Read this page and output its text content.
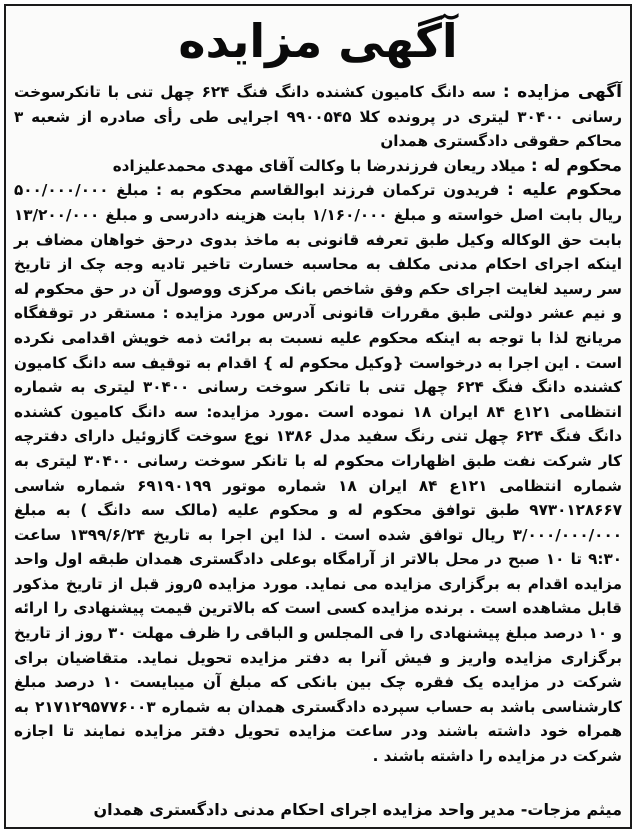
آگهی مزایده

آگهی مزایده : سه دانگ کامیون کشنده دانگ فنگ ۶۲۴ چهل تنی با تانکرسوخت رسانی ۳۰۴۰۰ لیتری در پرونده کلا ۹۹۰۰۵۴۵ اجرایی طی رأی صادره از شعبه ۳ محاکم حقوقی دادگستری همدان

محکوم له : میلاد ریعان فرزندرضا با وکالت آقای مهدی محمدعلیزاده

محکوم علیه : فریدون ترکمان فرزند ابوالقاسم محکوم به : مبلغ ۵۰۰/۰۰۰/۰۰۰ ریال بابت اصل خواسته و مبلغ ۱/۱۶۰/۰۰۰ بابت هزینه دادرسی و مبلغ ۱۳/۲۰۰/۰۰۰ بابت حق الوکاله وکیل طبق تعرفه قانونی به ماخذ بدوی درحق خواهان مضاف بر اینکه اجرای احکام مدنی مکلف به محاسبه خسارت تاخیر تادیه وجه چک از تاریخ سر رسید لغایت اجرای حکم وفق شاخص بانک مرکزی ووصول آن در حق محکوم له و نیم عشر دولتی طبق مقررات قانونی آدرس مورد مزایده : مستقر در توقفگاه مریانج لذا با توجه به اینکه محکوم علیه نسبت به برائت ذمه خویش اقدامی نکرده است . این اجرا به درخواست {وکیل محکوم له } اقدام به توقیف سه دانگ کامیون کشنده دانگ فنگ ۶۲۴ چهل تنی با تانکر سوخت رسانی ۳۰۴۰۰ لیتری به شماره انتظامی ۱۲۱ع ۸۴ ایران ۱۸ نموده است .مورد مزایده: سه دانگ کامیون کشنده دانگ فنگ ۶۲۴ چهل تنی رنگ سفید مدل ۱۳۸۶ نوع سوخت گازوئیل دارای دفترچه کار شرکت نفت طبق اظهارات محکوم له با تانکر سوخت رسانی ۳۰۴۰۰ لیتری به شماره انتظامی ۱۲۱ع ۸۴ ایران ۱۸ شماره موتور ۶۹۱۹۰۱۹۹ شماره شاسی ۹۷۳۰۱۲۸۶۶۷ طبق توافق محکوم له و محکوم علیه (مالک سه دانگ ) به مبلغ ۳/۰۰۰/۰۰۰/۰۰۰ ریال توافق شده است . لذا این اجرا به تاریخ ۱۳۹۹/۶/۲۴ ساعت ۹:۳۰ تا ۱۰ صبح در محل بالاتر از آرامگاه بوعلی دادگستری همدان طبقه اول واحد مزایده اقدام به برگزاری مزایده می نماید. مورد مزایده ۵روز قبل از تاریخ مذکور قابل مشاهده است . برنده مزایده کسی است که بالاترین قیمت پیشنهادی را ارائه و ۱۰ درصد مبلغ پیشنهادی را فی المجلس و الباقی را ظرف مهلت ۳۰ روز از تاریخ برگزاری مزایده واریز و فیش آنرا به دفتر مزایده تحویل نماید. متقاضیان برای شرکت در مزایده یک فقره چک بین بانکی که مبلغ آن میبایست ۱۰ درصد مبلغ کارشناسی باشد به حساب سپرده دادگستری همدان به شماره ۲۱۷۱۲۹۵۷۷۶۰۰۳ به همراه خود داشته باشند ودر ساعت مزایده تحویل دفتر مزایده نمایند تا اجازه شرکت در مزایده را داشته باشند .

میثم مزجات- مدیر واحد مزایده اجرای احکام مدنی دادگستری همدان
